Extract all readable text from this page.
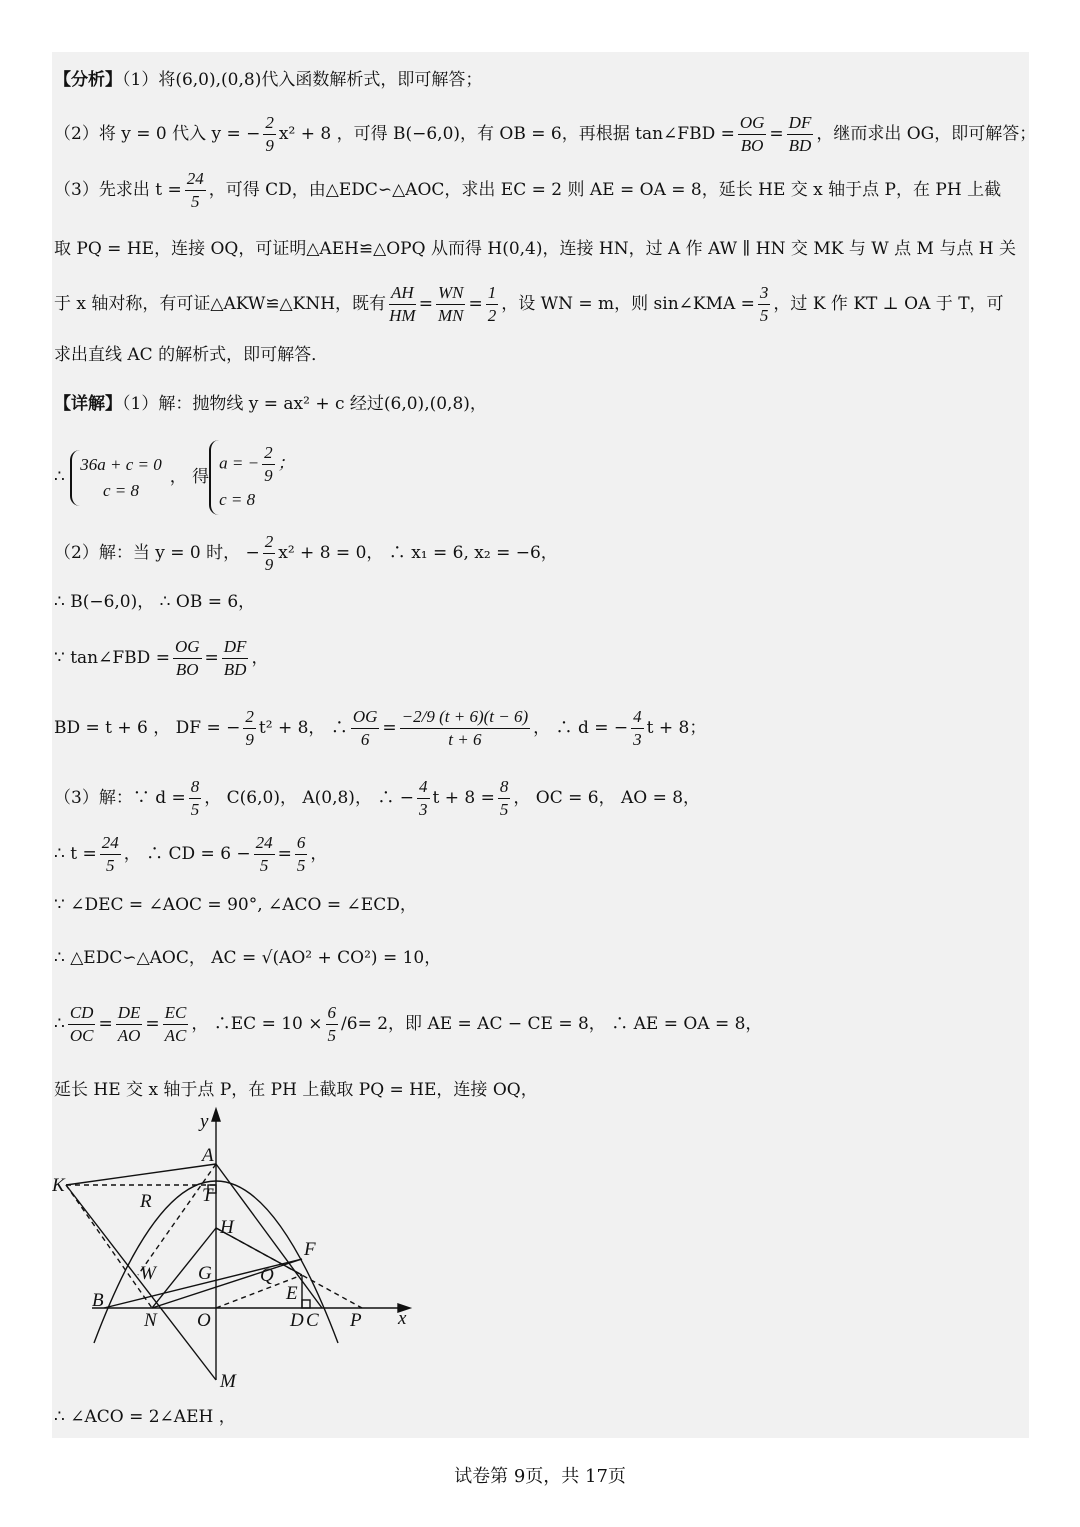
【分析】（1）将(6,0),(0,8)代入函数解析式，即可解答；
（2）将 y = 0 代入 y = − $\frac{2}{9} x^2 + 8$ ，可得 B(−6,0)，有 OB = 6，再根据 tan∠FBD = $\frac{OG}{BO} = \frac{DF}{BD}$ ，继而求出 OG，即可解答；
（3）先求出 $t = \frac{24}{5}$ ，可得 CD，由△EDC∽△AOC，求出 EC = 2 则 AE = OA = 8，延长 HE 交 x 轴于点 P，在 PH 上截
取 PQ = HE，连接 OQ，可证明△AEH≌△OPQ 从而得 H(0,4)，连接 HN，过 A 作 AW ∥ HN 交 MK 与 W 点 M 与点 H 关
于 x 轴对称，有可证△AKW≌△KNH，既有 $\frac{AH}{HM} = \frac{WN}{MN} = \frac{1}{2}$ ，设 WN = m，则 sin∠KMA = $\frac{3}{5}$ ，过 K 作 KT ⊥ OA 于 T，可
求出直线 AC 的解析式，即可解答．
【详解】（1）解：抛物线 y = ax² + c 经过(6,0),(0,8)，
∴
36a + c = 0
c = 8
， 得
a = − $\frac{2}{9}$ ；
c = 8
（2）解：当 y = 0 时， − $\frac{2}{9} x^2 + 8 = 0$， ∴ x₁ = 6, x₂ = −6，
∴ B(−6,0)， ∴ OB = 6，
∵ tan∠FBD = $\frac{OG}{BO} = \frac{DF}{BD}$ ，
BD = t + 6 ， DF = − $\frac{2}{9} t^2 + 8$， ∴ $\frac{OG}{6} = \frac{-2/9 (t + 6)(t - 6)}{t + 6}$ ， ∴ d = − $\frac{4}{3}$ t + 8；
（3）解：∵ $d = \frac{8}{5}$ ， C(6,0)， A(0,8)， ∴ − $\frac{4}{3}$ $t + 8 = \frac{8}{5}$ ， OC = 6， AO = 8，
∴ $t = \frac{24}{5}$ ， ∴ CD = $6 - \frac{24}{5} = \frac{6}{5}$ ，
∵ ∠DEC = ∠AOC = 90°, ∠ACO = ∠ECD，
∴ △EDC∽△AOC， AC = √(AO² + CO²) = 10，
∴ $\frac{CD}{OC} = \frac{DE}{AO} = \frac{EC}{AC}$ ， ∴EC = $10 \times \frac{6}{5} /6= 2$，即 AE = AC − CE = 8， ∴ AE = OA = 8，
延长 HE 交 x 轴于点 P，在 PH 上截取 PQ = HE，连接 OQ，
y
A
K	T
R
H
F
W G	Q
E
B
N O	D C P x
M
∴ ∠ACO = 2∠AEH ，
试卷第 9页，共 17页
